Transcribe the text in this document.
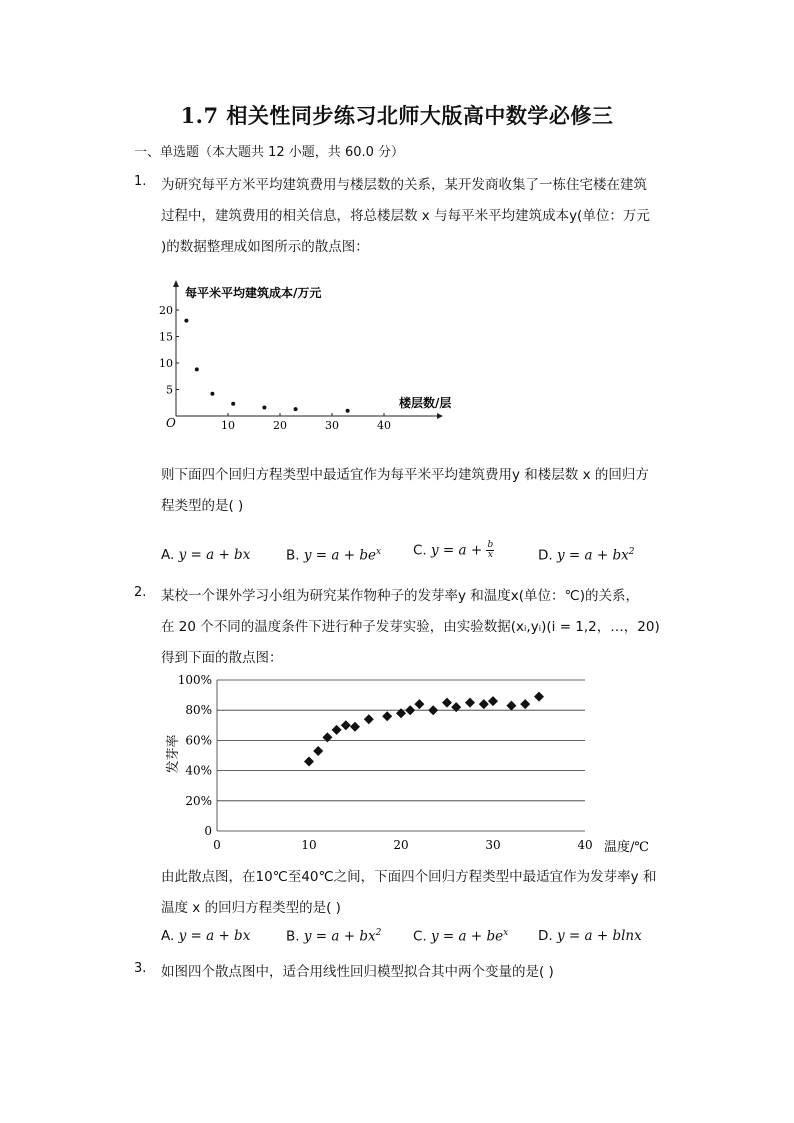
1.7 相关性同步练习北师大版高中数学必修三
一、单选题（本大题共 12 小题，共 60.0 分）
1. 为研究每平方米平均建筑费用与楼层数的关系，某开发商收集了一栋住宅楼在建筑
过程中，建筑费用的相关信息，将总楼层数 x 与每平米平均建筑成本y(单位：万元
)的数据整理成如图所示的散点图：
每平米平均建筑成本/万元
楼层数/层
O	10	20	30	40
5
10
15
20
则下面四个回归方程类型中最适宜作为每平米平均建筑费用y 和楼层数 x 的回归方
程类型的是( )
A. y = a + bx	B. $y = a + be^x$ C. $y = a + \frac{b}{x}$	D. $y = a + bx^2$
2. 某校一个课外学习小组为研究某作物种子的发芽率y 和温度x(单位：℃)的关系，
在 20 个不同的温度条件下进行种子发芽实验，由实验数据(xᵢ,yᵢ)(i = 1,2，…，20)
得到下面的散点图：
0
20%
40%
60%
80%
100%
0	10	20	30	40 温度/℃
发芽率
由此散点图，在10℃至40℃之间，下面四个回归方程类型中最适宜作为发芽率y 和
温度 x 的回归方程类型的是( )
A. y = a + bx	B. $y = a + bx^2$ C. $y = a + be^x$ D. y = a + blnx
3. 如图四个散点图中，适合用线性回归模型拟合其中两个变量的是( )
